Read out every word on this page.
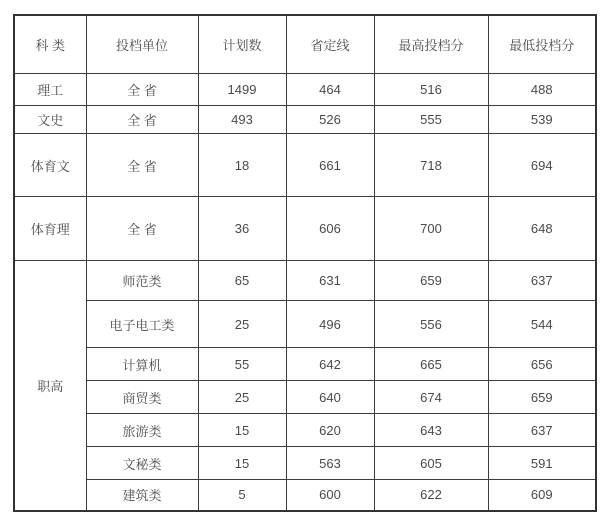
科 类	投档单位	计划数	省定线	最高投档分	最低投档分
理工	全 省	1499	464	516	488
文史	全 省	493	526	555	539
体育文	全 省	18	661	718	694
体育理	全 省	36	606	700	648
职高	师范类	65	631	659	637
	电子电工类	25	496	556	544
	计算机	55	642	665	656
	商贸类	25	640	674	659
	旅游类	15	620	643	637
	文秘类	15	563	605	591
	建筑类	5	600	622	609
